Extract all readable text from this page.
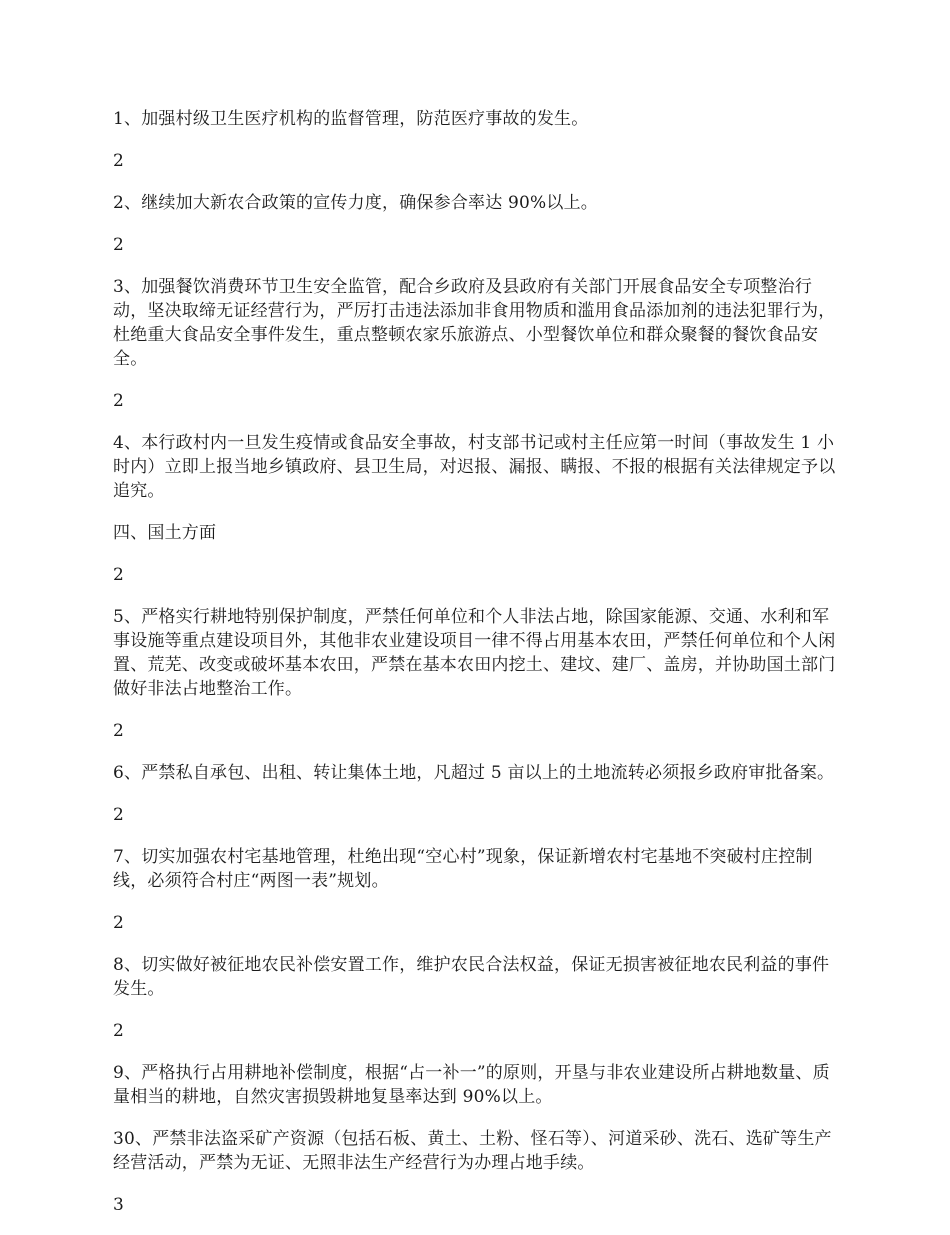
1、加强村级卫生医疗机构的监督管理，防范医疗事故的发生。

2

2、继续加大新农合政策的宣传力度，确保参合率达 90%以上。

2

3、加强餐饮消费环节卫生安全监管，配合乡政府及县政府有关部门开展食品安全专项整治行动，坚决取缔无证经营行为，严厉打击违法添加非食用物质和滥用食品添加剂的违法犯罪行为，杜绝重大食品安全事件发生，重点整顿农家乐旅游点、小型餐饮单位和群众聚餐的餐饮食品安全。

2

4、本行政村内一旦发生疫情或食品安全事故，村支部书记或村主任应第一时间（事故发生 1 小时内）立即上报当地乡镇政府、县卫生局，对迟报、漏报、瞒报、不报的根据有关法律规定予以追究。

四、国土方面

2

5、严格实行耕地特别保护制度，严禁任何单位和个人非法占地，除国家能源、交通、水利和军事设施等重点建设项目外，其他非农业建设项目一律不得占用基本农田，严禁任何单位和个人闲置、荒芜、改变或破坏基本农田，严禁在基本农田内挖土、建坟、建厂、盖房，并协助国土部门做好非法占地整治工作。

2

6、严禁私自承包、出租、转让集体土地，凡超过 5 亩以上的土地流转必须报乡政府审批备案。

2

7、切实加强农村宅基地管理，杜绝出现“空心村”现象，保证新增农村宅基地不突破村庄控制线，必须符合村庄“两图一表”规划。

2

8、切实做好被征地农民补偿安置工作，维护农民合法权益，保证无损害被征地农民利益的事件发生。

2

9、严格执行占用耕地补偿制度，根据“占一补一”的原则，开垦与非农业建设所占耕地数量、质量相当的耕地，自然灾害损毁耕地复垦率达到 90%以上。

30、严禁非法盗采矿产资源（包括石板、黄土、土粉、怪石等）、河道采砂、洗石、选矿等生产经营活动，严禁为无证、无照非法生产经营行为办理占地手续。

3
